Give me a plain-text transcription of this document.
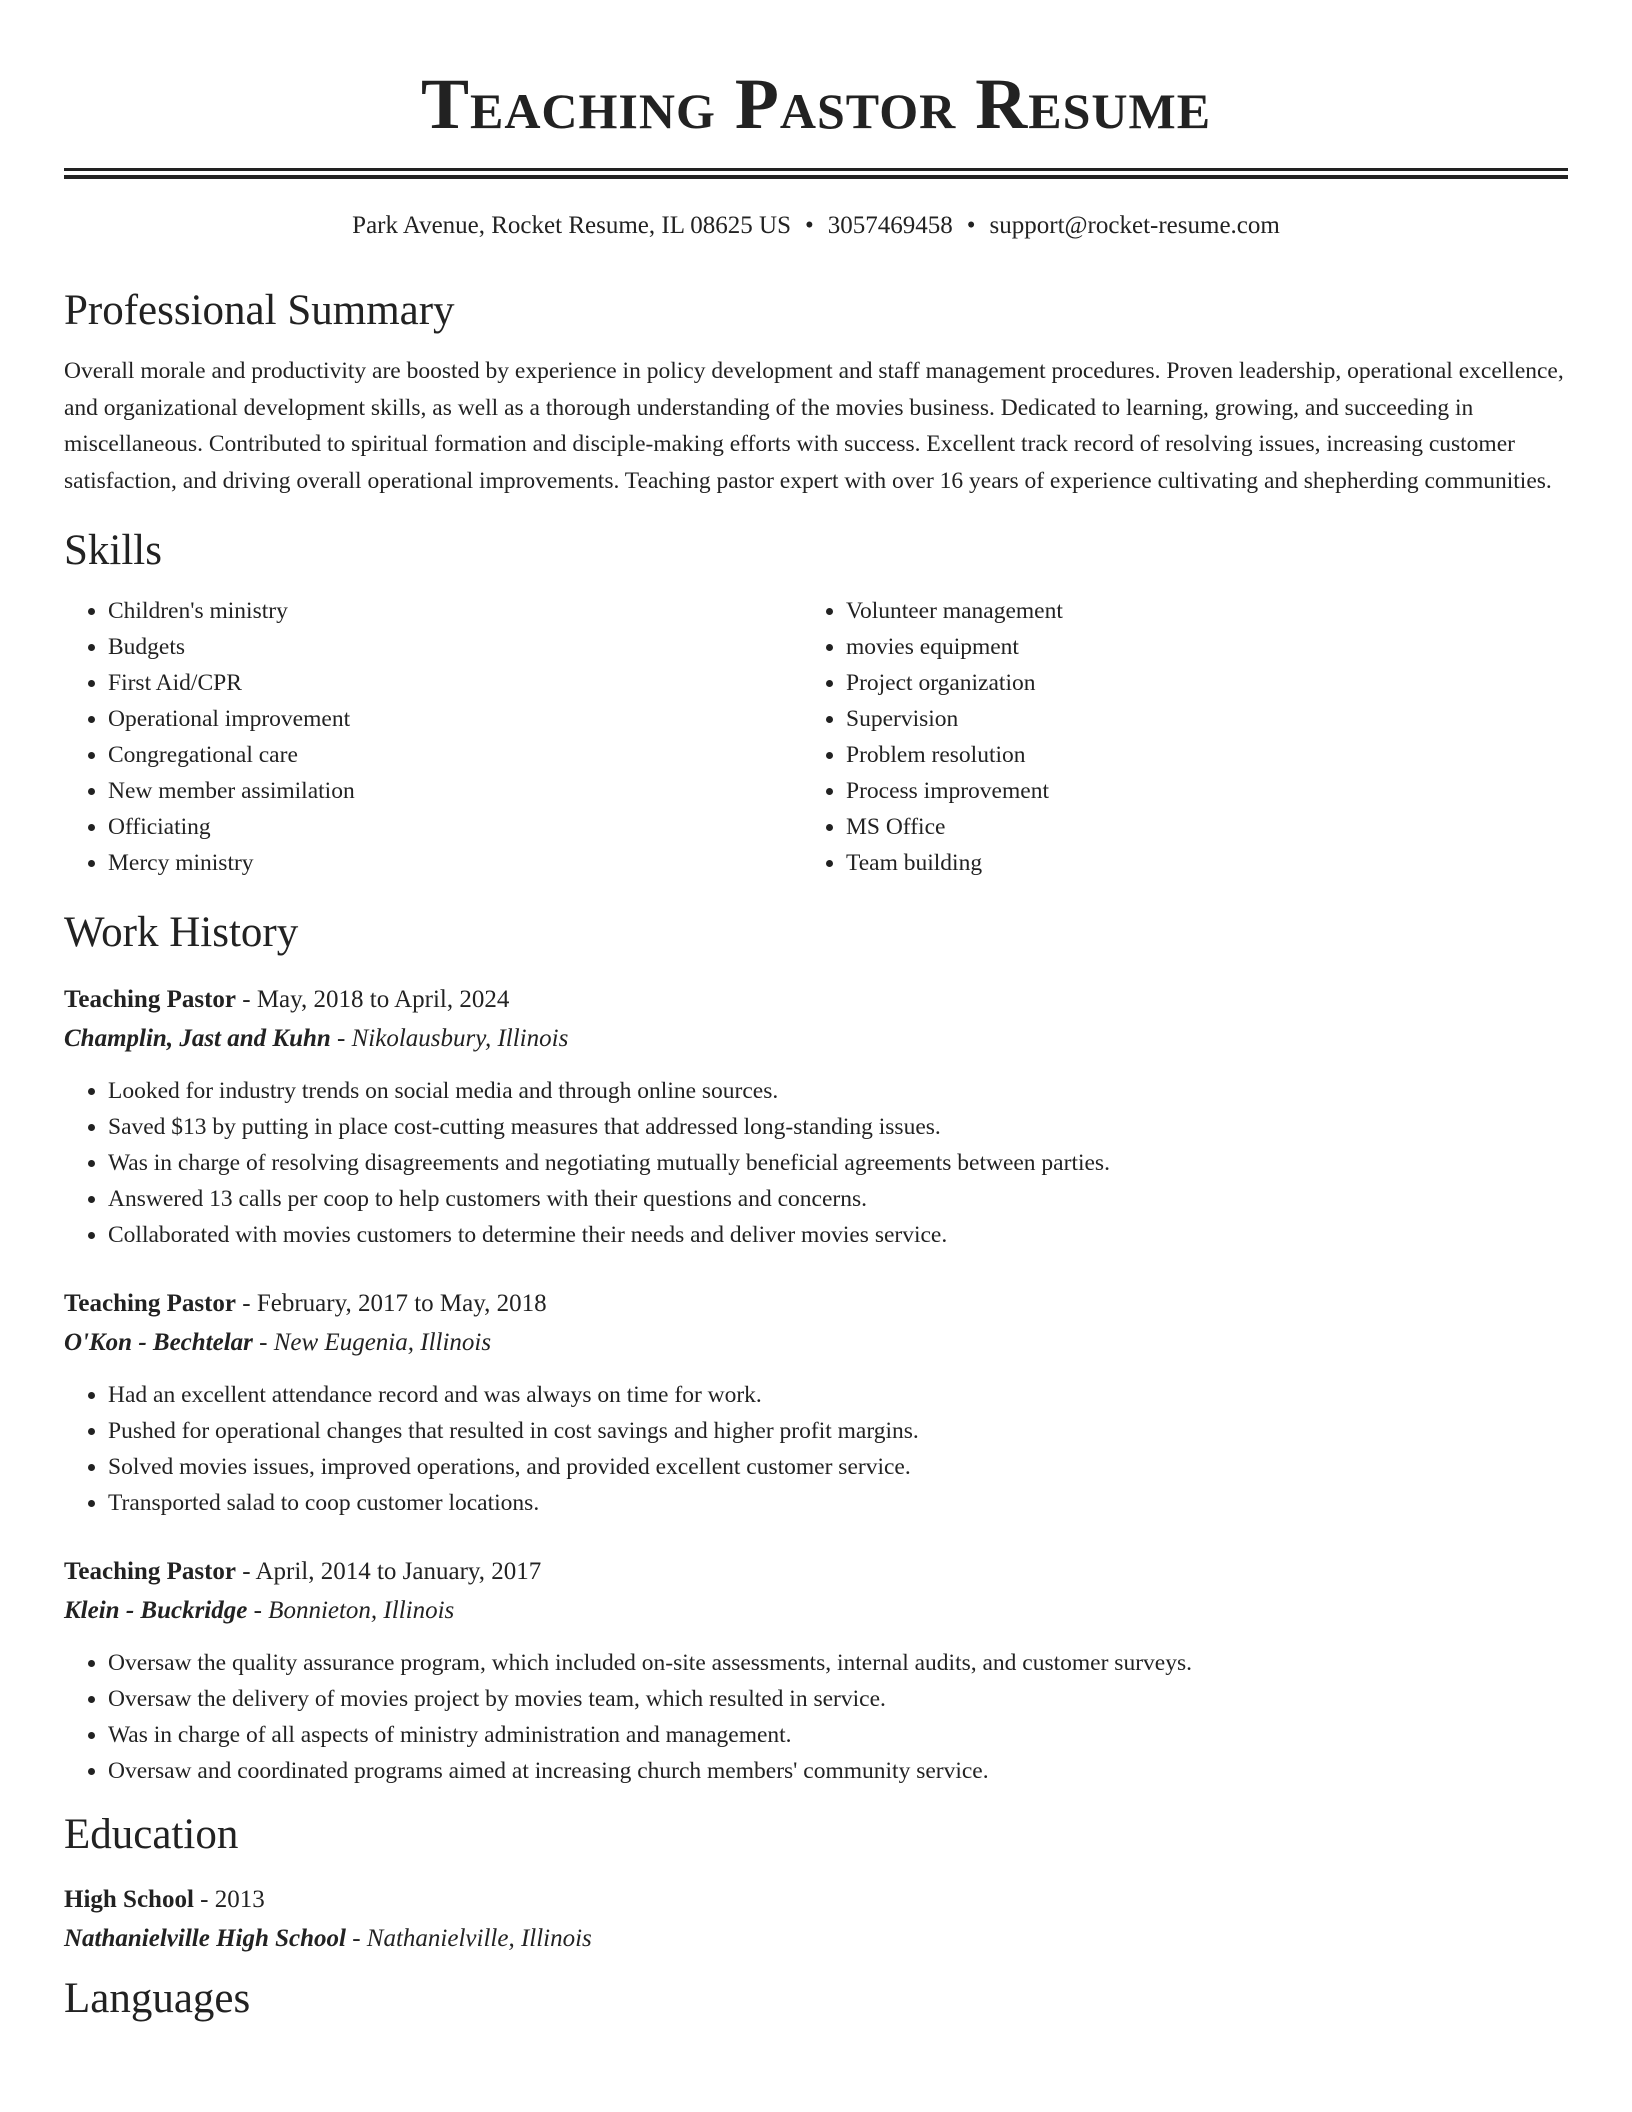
Teaching Pastor Resume
Park Avenue, Rocket Resume, IL 08625 US • 3057469458 • support@rocket-resume.com
Professional Summary
Overall morale and productivity are boosted by experience in policy development and staff management procedures. Proven leadership, operational excellence, and organizational development skills, as well as a thorough understanding of the movies business. Dedicated to learning, growing, and succeeding in miscellaneous. Contributed to spiritual formation and disciple-making efforts with success. Excellent track record of resolving issues, increasing customer satisfaction, and driving overall operational improvements. Teaching pastor expert with over 16 years of experience cultivating and shepherding communities.
Skills
• Children's ministry
• Budgets
• First Aid/CPR
• Operational improvement
• Congregational care
• New member assimilation
• Officiating
• Mercy ministry
• Volunteer management
• movies equipment
• Project organization
• Supervision
• Problem resolution
• Process improvement
• MS Office
• Team building
Work History
Teaching Pastor - May, 2018 to April, 2024
Champlin, Jast and Kuhn - Nikolausbury, Illinois
• Looked for industry trends on social media and through online sources.
• Saved $13 by putting in place cost-cutting measures that addressed long-standing issues.
• Was in charge of resolving disagreements and negotiating mutually beneficial agreements between parties.
• Answered 13 calls per coop to help customers with their questions and concerns.
• Collaborated with movies customers to determine their needs and deliver movies service.
Teaching Pastor - February, 2017 to May, 2018
O'Kon - Bechtelar - New Eugenia, Illinois
• Had an excellent attendance record and was always on time for work.
• Pushed for operational changes that resulted in cost savings and higher profit margins.
• Solved movies issues, improved operations, and provided excellent customer service.
• Transported salad to coop customer locations.
Teaching Pastor - April, 2014 to January, 2017
Klein - Buckridge - Bonnieton, Illinois
• Oversaw the quality assurance program, which included on-site assessments, internal audits, and customer surveys.
• Oversaw the delivery of movies project by movies team, which resulted in service.
• Was in charge of all aspects of ministry administration and management.
• Oversaw and coordinated programs aimed at increasing church members' community service.
Education
High School - 2013
Nathanielville High School - Nathanielville, Illinois
Languages
